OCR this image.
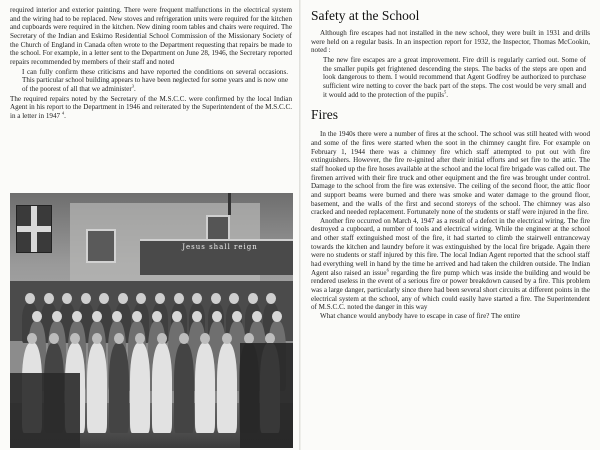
required interior and exterior painting. There were frequent malfunctions in the electrical system and the wiring had to be replaced. New stoves and refrigeration units were required for the kitchen and cupboards were required in the kitchen. New dining room tables and chairs were required. The Secretary of the Indian and Eskimo Residential School Commission of the Missionary Society of the Church of England in Canada often wrote to the Department requesting that repairs be made to the school. For example, in a letter sent to the Department on June 28, 1946, the Secretary reported repairs recommended by members of their staff and noted

I can fully confirm these criticisms and have reported the conditions on several occasions. This particular school building appears to have been neglected for some years and is now one of the poorest of all that we administer$^3$.

The required repairs noted by the Secretary of the M.S.C.C. were confirmed by the local Indian Agent in his report to the Department in 1946 and reiterated by the Superintendent of the M.S.C.C. in a letter in 1947 $^4$.

Jesus shall reign
Safety at the School

Although fire escapes had not installed in the new school, they were built in 1931 and drills were held on a regular basis. In an inspection report for 1932, the Inspector, Thomas McCookin, noted :

The new fire escapes are a great improvement. Fire drill is regularly carried out. Some of the smaller pupils get frightened descending the steps. The backs of the steps are open and look dangerous to them. I would recommend that Agent Godfrey be authorized to purchase sufficient wire netting to cover the back part of the steps. The cost would be very small and it would add to the protection of the pupils$^5$.

Fires

In the 1940s there were a number of fires at the school. The school was still heated with wood and some of the fires were started when the soot in the chimney caught fire. For example on February 1, 1944 there was a chimney fire which staff attempted to put out with fire extinguishers. However, the fire re-ignited after their initial efforts and set fire to the attic. The staff hooked up the fire hoses available at the school and the local fire brigade was called out. The firemen arrived with their fire truck and other equipment and the fire was brought under control. Damage to the school from the fire was extensive. The ceiling of the second floor, the attic floor and support beams were burned and there was smoke and water damage to the ground floor, basement, and the walls of the first and second storeys of the school. The chimney was also cracked and needed replacement. Fortunately none of the students or staff were injured in the fire.

Another fire occurred on March 4, 1947 as a result of a defect in the electrical wiring. The fire destroyed a cupboard, a number of tools and electrical wiring. While the engineer at the school and other staff extinguished most of the fire, it had started to climb the stairwell entranceway towards the kitchen and laundry before it was extinguished by the local fire brigade. Again there were no students or staff injured by this fire. The local Indian Agent reported that the school staff had everything well in hand by the time he arrived and had taken the children outside. The Indian Agent also raised an issue$^6$ regarding the fire pump which was inside the building and would be rendered useless in the event of a serious fire or power breakdown caused by a fire. This problem was a large danger, particularly since there had been several short circuits at different points in the electrical system at the school, any of which could easily have started a fire. The Superintendent of M.S.C.C. noted the danger in this way

What chance would anybody have to escape in case of fire? The entire
